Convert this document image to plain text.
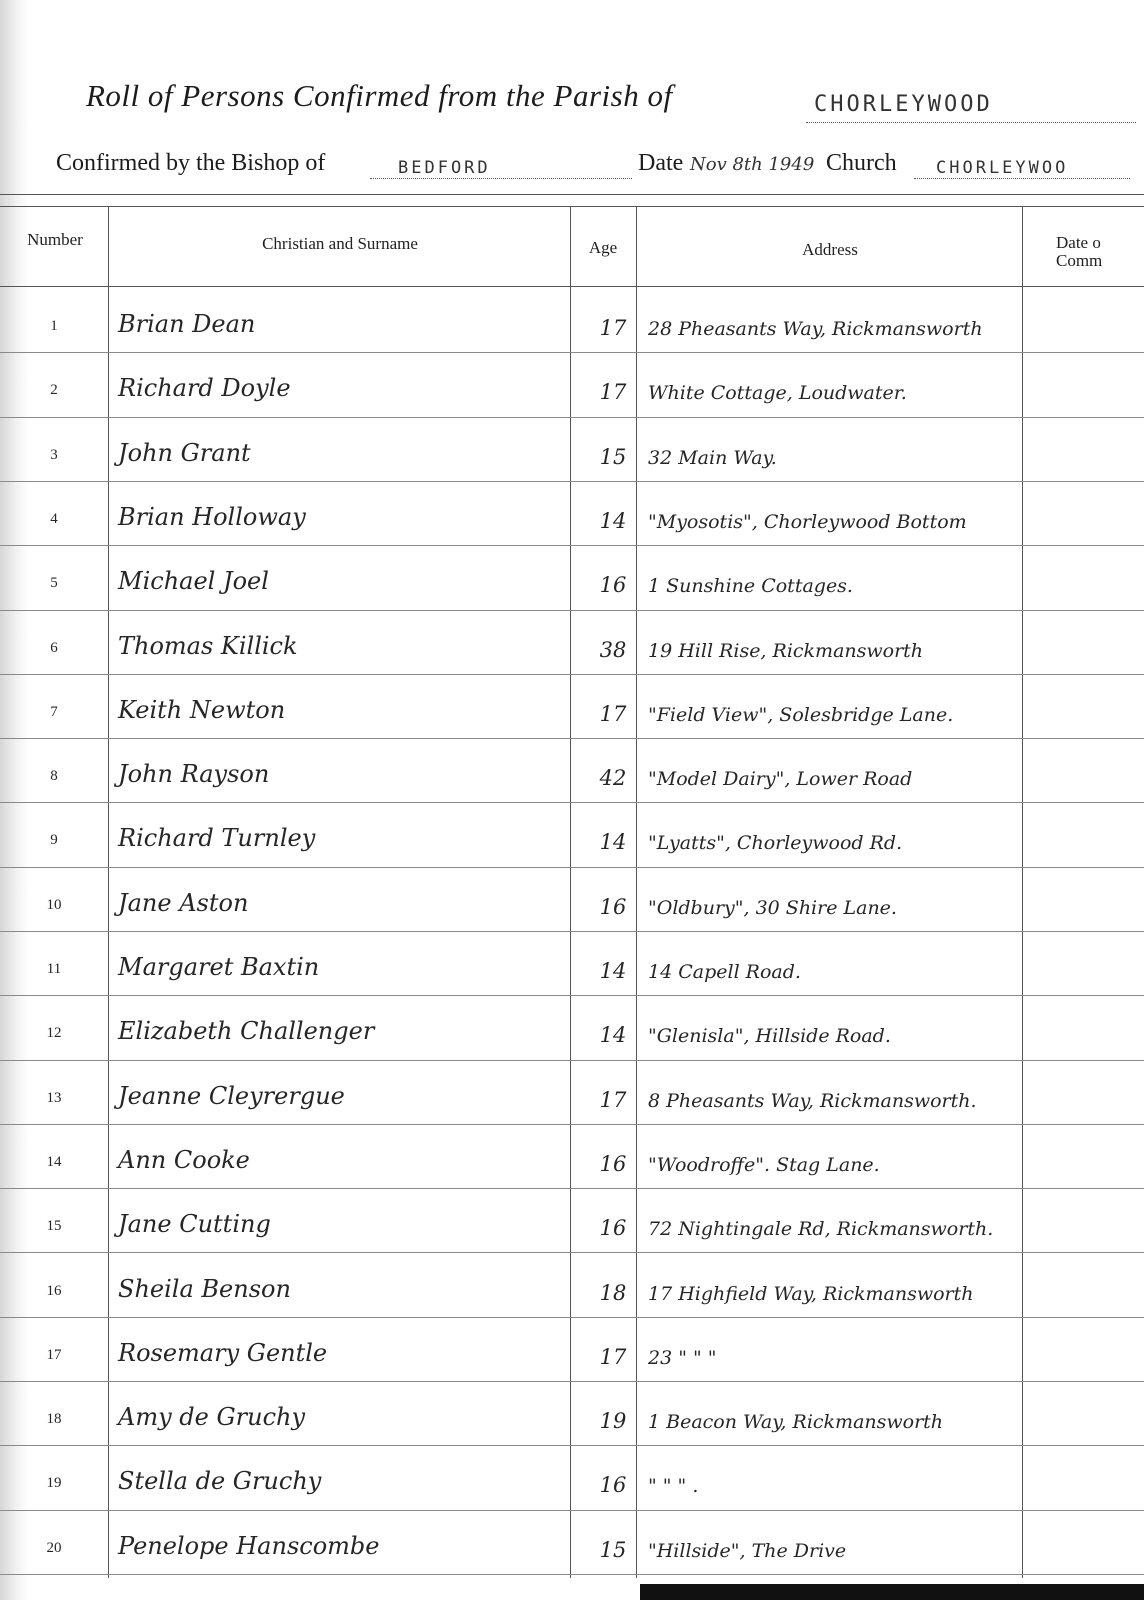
Roll of Persons Confirmed from the Parish of	CHORLEYWOOD
Confirmed by the Bishop of	BEDFORD	Date Nov 8th 1949 Church CHORLEYWOO
Number	Christian and Surname	Age	Address	Date o Comm
1	Brian Dean	17	28 Pheasants Way, Rickmansworth
2	Richard Doyle	17	White Cottage, Loudwater.
3	John Grant	15	32 Main Way.
4	Brian Holloway	14	"Myosotis", Chorleywood Bottom
5	Michael Joel	16	1 Sunshine Cottages.
6	Thomas Killick	38	19 Hill Rise, Rickmansworth
7	Keith Newton	17	"Field View", Solesbridge Lane.
8	John Rayson	42	"Model Dairy", Lower Road
9	Richard Turnley	14	"Lyatts", Chorleywood Rd.
10	Jane Aston	16	"Oldbury", 30 Shire Lane.
11	Margaret Baxtin	14	14 Capell Road.
12	Elizabeth Challenger	14	"Glenisla", Hillside Road.
13	Jeanne Cleyrergue	17	8 Pheasants Way, Rickmansworth.
14	Ann Cooke	16	"Woodroffe". Stag Lane.
15	Jane Cutting	16	72 Nightingale Rd, Rickmansworth.
16	Sheila Benson	18	17 Highfield Way, Rickmansworth
17	Rosemary Gentle	17	23 " " "
18	Amy de Gruchy	19	1 Beacon Way, Rickmansworth
19	Stella de Gruchy	16	" " " .
20	Penelope Hanscombe	15	"Hillside", The Drive
